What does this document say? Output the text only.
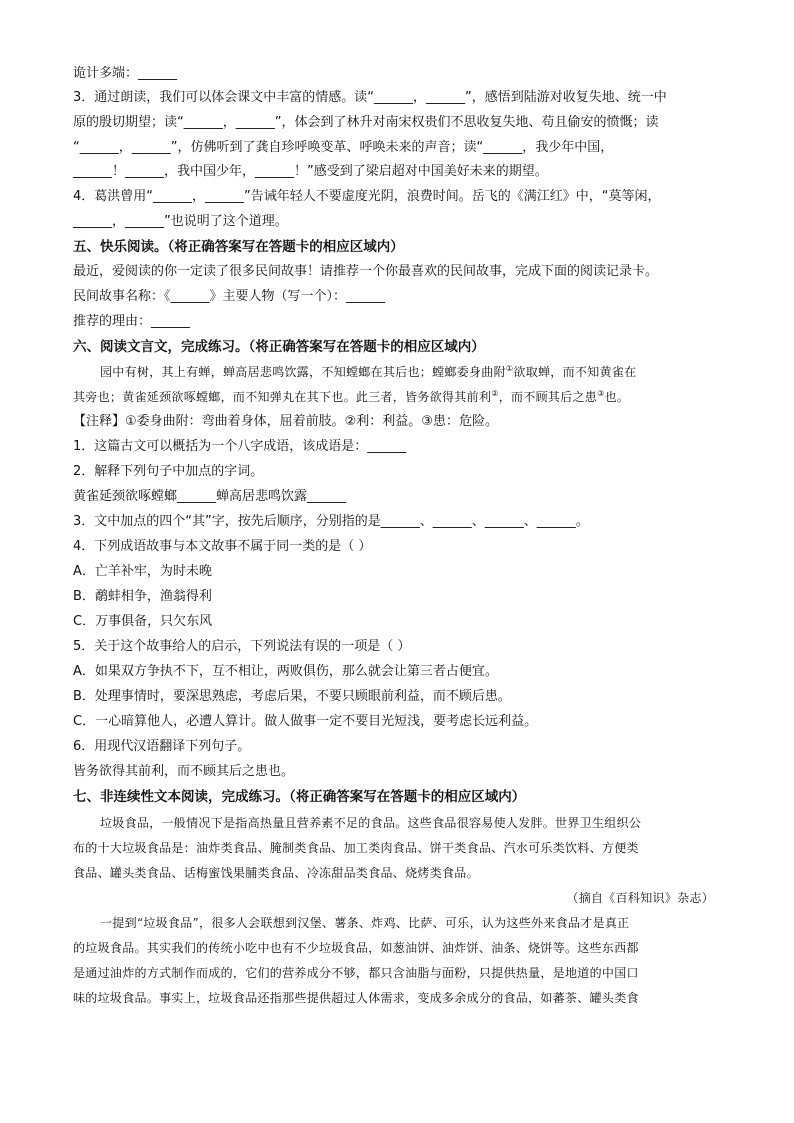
诡计多端：______
3．通过朗读，我们可以体会课文中丰富的情感。读“______，______”，感悟到陆游对收复失地、统一中
原的殷切期望；读“______，______”，体会到了林升对南宋权贵们不思收复失地、苟且偷安的愤慨；读
“______，______”，仿佛听到了龚自珍呼唤变革、呼唤未来的声音；读“______，我少年中国，
______！______，我中国少年，______！”感受到了梁启超对中国美好未来的期望。
4．葛洪曾用“______，______”告诫年轻人不要虚度光阴，浪费时间。岳飞的《满江红》中，“莫等闲，
______，______”也说明了这个道理。
五、快乐阅读。（将正确答案写在答题卡的相应区域内）
最近，爱阅读的你一定读了很多民间故事！请推荐一个你最喜欢的民间故事，完成下面的阅读记录卡。
民间故事名称：《______》主要人物（写一个）：______
推荐的理由：______
六、阅读文言文，完成练习。（将正确答案写在答题卡的相应区域内）
园中有树，其上有蝉，蝉高居悲鸣饮露，不知螳螂在其后也；螳螂委身曲附①欲取蝉，而不知黄雀在
其旁也；黄雀延颈欲啄螳螂，而不知弹丸在其下也。此三者，皆务欲得其前利②，而不顾其后之患③也。
【注释】①委身曲附：弯曲着身体，屈着前肢。②利：利益。③患：危险。
1．这篇古文可以概括为一个八字成语，该成语是：______
2．解释下列句子中加点的字词。
黄雀延颈欲啄螳螂______蝉高居悲鸣饮露______
3．文中加点的四个“其”字，按先后顺序，分别指的是______、______、______、______。
4．下列成语故事与本文故事不属于同一类的是（ ）
A．亡羊补牢，为时未晚
B．鹬蚌相争，渔翁得利
C．万事俱备，只欠东风
5．关于这个故事给人的启示，下列说法有误的一项是（ ）
A．如果双方争执不下，互不相让，两败俱伤，那么就会让第三者占便宜。
B．处理事情时，要深思熟虑，考虑后果，不要只顾眼前利益，而不顾后患。
C．一心暗算他人，必遭人算计。做人做事一定不要目光短浅，要考虑长远利益。
6．用现代汉语翻译下列句子。
皆务欲得其前利，而不顾其后之患也。
七、非连续性文本阅读，完成练习。（将正确答案写在答题卡的相应区域内）
垃圾食品，一般情况下是指高热量且营养素不足的食品。这些食品很容易使人发胖。世界卫生组织公
布的十大垃圾食品是：油炸类食品、腌制类食品、加工类肉食品、饼干类食品、汽水可乐类饮料、方便类
食品、罐头类食品、话梅蜜饯果脯类食品、冷冻甜品类食品、烧烤类食品。
（摘自《百科知识》杂志）
一提到“垃圾食品”，很多人会联想到汉堡、薯条、炸鸡、比萨、可乐，认为这些外来食品才是真正
的垃圾食品。其实我们的传统小吃中也有不少垃圾食品，如葱油饼、油炸饼、油条、烧饼等。这些东西都
是通过油炸的方式制作而成的，它们的营养成分不够，都只含油脂与面粉，只提供热量，是地道的中国口
味的垃圾食品。事实上，垃圾食品还指那些提供超过人体需求，变成多余成分的食品，如蕃茶、罐头类食
